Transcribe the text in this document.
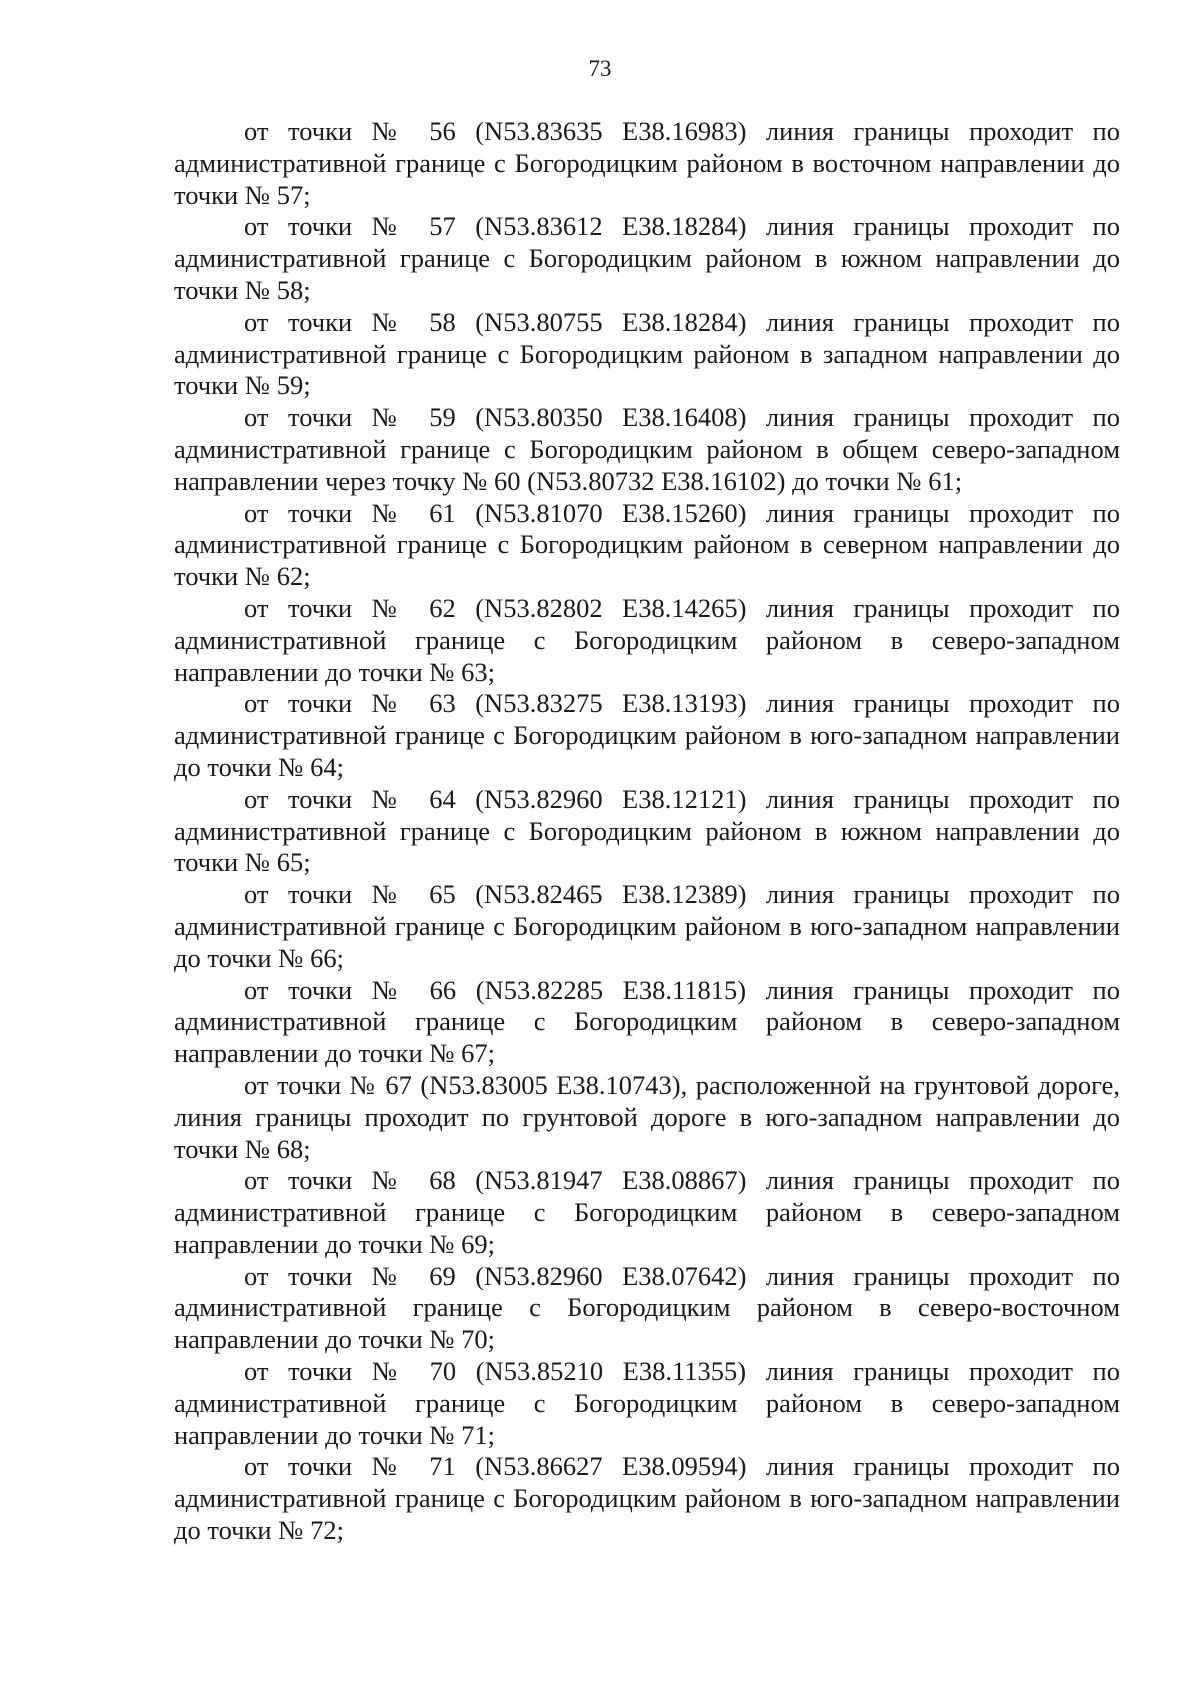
73

от точки № 56 (N53.83635 E38.16983) линия границы проходит по административной границе с Богородицким районом в восточном направлении до точки № 57;

от точки № 57 (N53.83612 E38.18284) линия границы проходит по административной границе с Богородицким районом в южном направлении до точки № 58;

от точки № 58 (N53.80755 E38.18284) линия границы проходит по административной границе с Богородицким районом в западном направлении до точки № 59;

от точки № 59 (N53.80350 E38.16408) линия границы проходит по административной границе с Богородицким районом в общем северо-западном направлении через точку № 60 (N53.80732 E38.16102) до точки № 61;

от точки № 61 (N53.81070 E38.15260) линия границы проходит по административной границе с Богородицким районом в северном направлении до точки № 62;

от точки № 62 (N53.82802 E38.14265) линия границы проходит по административной границе с Богородицким районом в северо-западном направлении до точки № 63;

от точки № 63 (N53.83275 E38.13193) линия границы проходит по административной границе с Богородицким районом в юго-западном направлении до точки № 64;

от точки № 64 (N53.82960 E38.12121) линия границы проходит по административной границе с Богородицким районом в южном направлении до точки № 65;

от точки № 65 (N53.82465 E38.12389) линия границы проходит по административной границе с Богородицким районом в юго-западном направлении до точки № 66;

от точки № 66 (N53.82285 E38.11815) линия границы проходит по административной границе с Богородицким районом в северо-западном направлении до точки № 67;

от точки № 67 (N53.83005 E38.10743), расположенной на грунтовой дороге, линия границы проходит по грунтовой дороге в юго-западном направлении до точки № 68;

от точки № 68 (N53.81947 E38.08867) линия границы проходит по административной границе с Богородицким районом в северо-западном направлении до точки № 69;

от точки № 69 (N53.82960 E38.07642) линия границы проходит по административной границе с Богородицким районом в северо-восточном направлении до точки № 70;

от точки № 70 (N53.85210 E38.11355) линия границы проходит по административной границе с Богородицким районом в северо-западном направлении до точки № 71;

от точки № 71 (N53.86627 E38.09594) линия границы проходит по административной границе с Богородицким районом в юго-западном направлении до точки № 72;
